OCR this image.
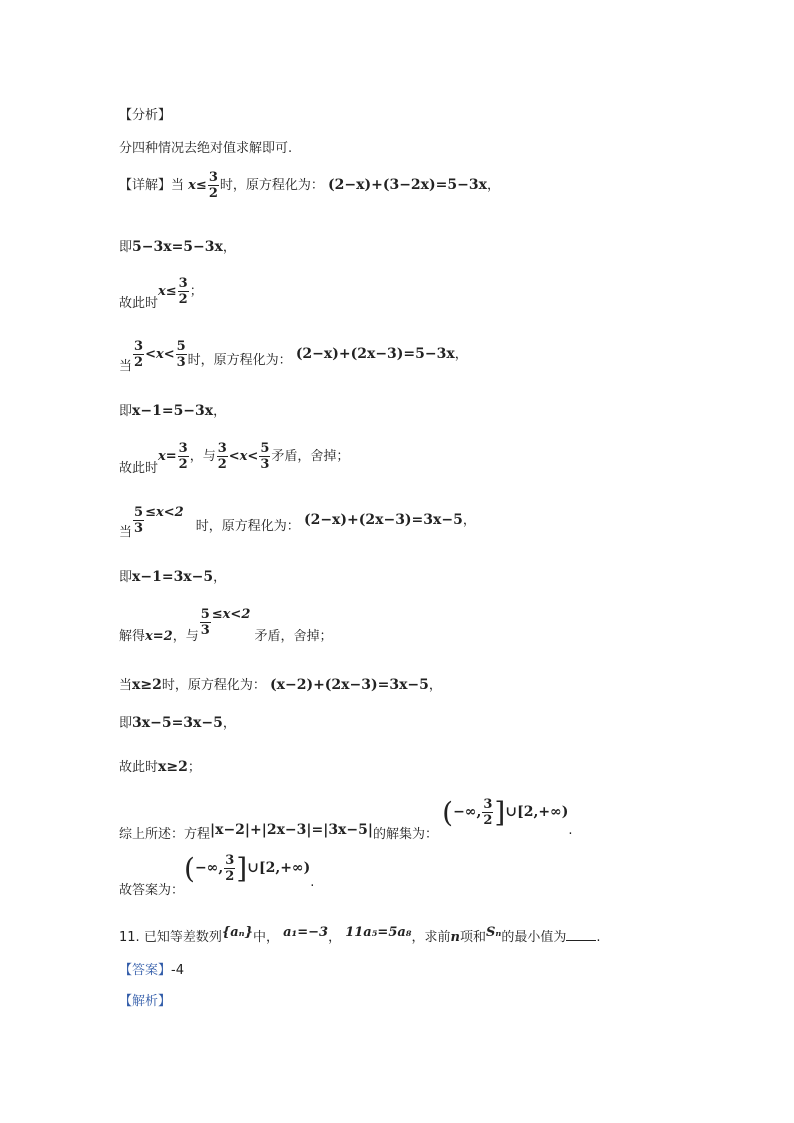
【分析】
分四种情况去绝对值求解即可.
【详解】当 $x\le \frac{3}{2}$ 时，原方程化为： (2−x)+(3−2x)=5−3x，
即5−3x=5−3x，
故此时$x\le \frac{3}{2}$ ；
当 $\frac{3}{2} <x< \frac{5}{3}$ 时，原方程化为： (2−x)+(2x−3)=5−3x，
即x−1=5−3x，
故此时$x= \frac{3}{2}$ ，与 $\frac{3}{2} <x< \frac{5}{3}$ 矛盾，舍掉；
当 $\frac{5}{3} \le x<2$ 时，原方程化为： (2−x)+(2x−3)=3x−5，
即x−1=3x−5，
解得x=2，与 $\frac{5}{3} \le x<2$ 矛盾，舍掉；
当x≥2时，原方程化为： (x−2)+(2x−3)=3x−5，
即3x−5=3x−5，
故此时x≥2；
综上所述：方程|x−2|+|2x−3|=|3x−5|的解集为： (−∞, $\frac{3}{2}$ ]∪[2,+∞).
故答案为：(−∞, $\frac{3}{2}$ ]∪[2,+∞).
11. 已知等差数列{aₙ}中， a₁=−3， 11a₅=5a₈，求前n项和Sₙ的最小值为 .
【答案】-4
【解析】
